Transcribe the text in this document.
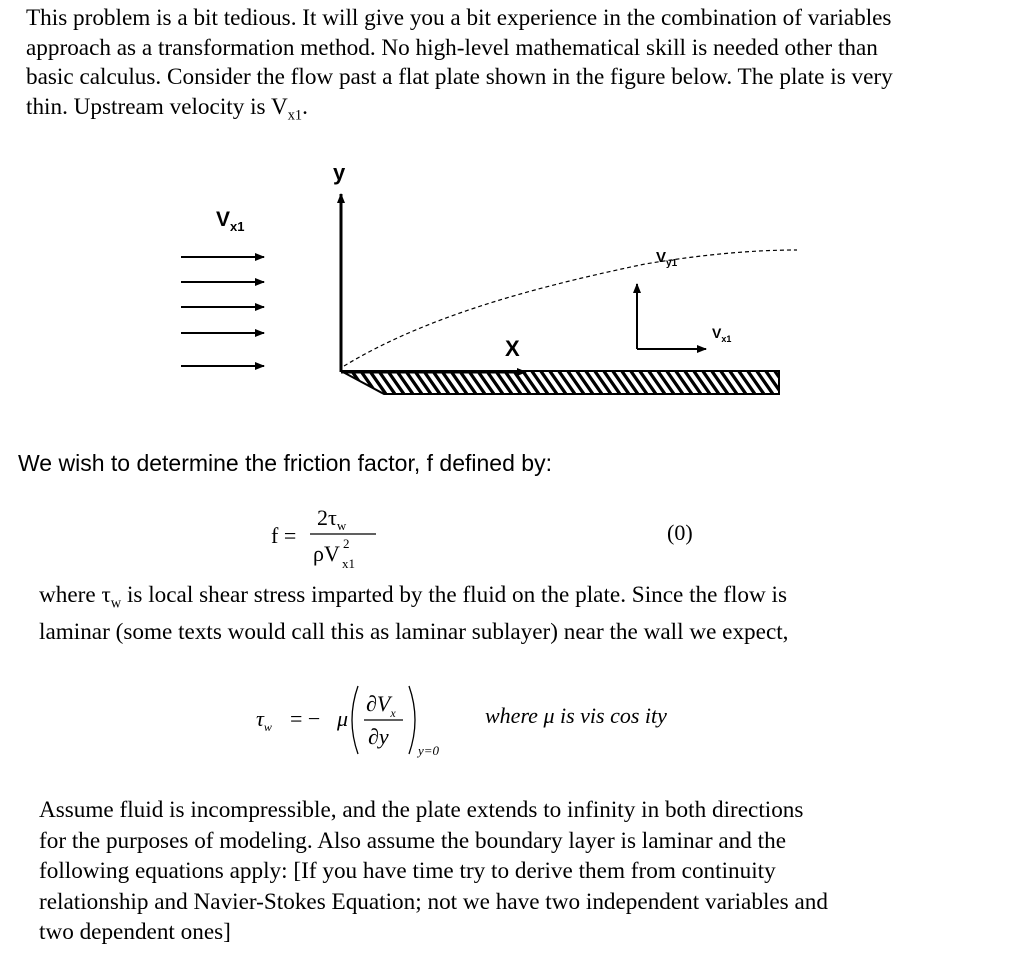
This problem is a bit tedious. It will give you a bit experience in the combination of variables
approach as a transformation method. No high-level mathematical skill is needed other than
basic calculus. Consider the flow past a flat plate shown in the figure below. The plate is very
thin. Upstream velocity is $V_{x1}$.
$V_{x1}$
y
X
$V_{y1}$
$V_{x1}$
We wish to determine the friction factor, f defined by:
f =
$2\tau_w$
ρV 2
x1
(0)
where $\tau_w$ is local shear stress imparted by the fluid on the plate. Since the flow is
laminar (some texts would call this as laminar sublayer) near the wall we expect,
$\tau_w$ = − μ
$\partial V_x$
∂y
y=0
where μ is vis cos ity
Assume fluid is incompressible, and the plate extends to infinity in both directions
for the purposes of modeling. Also assume the boundary layer is laminar and the
following equations apply: [If you have time try to derive them from continuity
relationship and Navier-Stokes Equation; not we have two independent variables and
two dependent ones]
